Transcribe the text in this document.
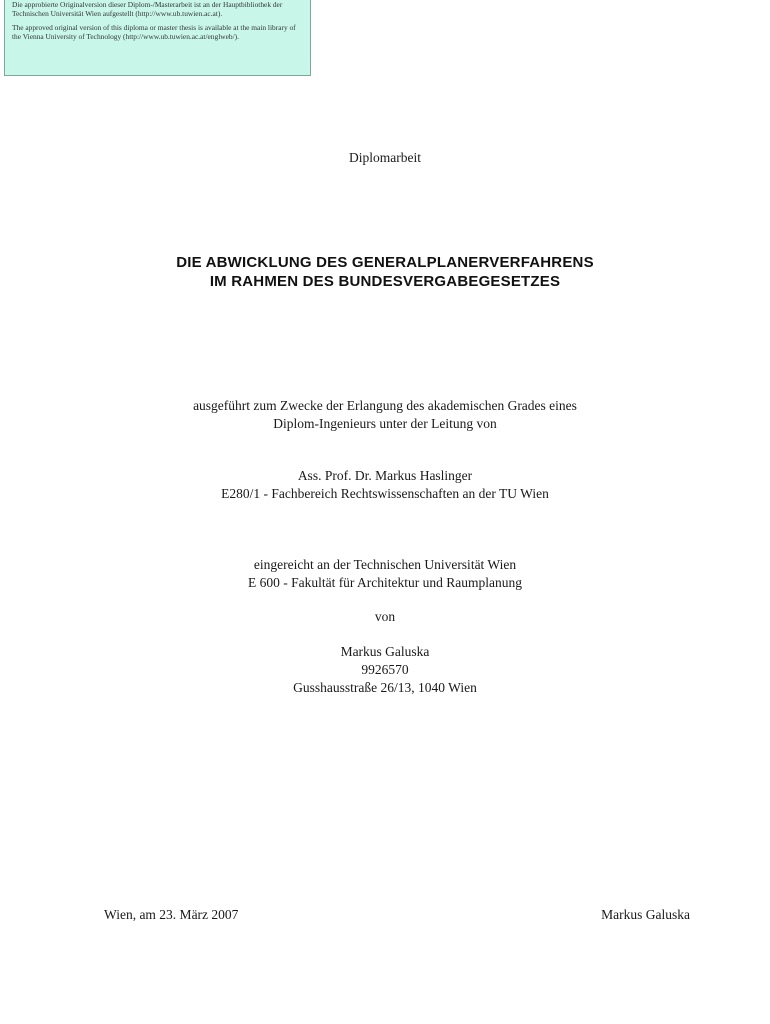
Die approbierte Originalversion dieser Diplom-/Masterarbeit ist an der Hauptbibliothek der Technischen Universität Wien aufgestellt (http://www.ub.tuwien.ac.at).

The approved original version of this diploma or master thesis is available at the main library of the Vienna University of Technology (http://www.ub.tuwien.ac.at/englweb/).

Diplomarbeit
DIE ABWICKLUNG DES GENERALPLANERVERFAHRENS
IM RAHMEN DES BUNDESVERGABEGESETZES
ausgeführt zum Zwecke der Erlangung des akademischen Grades eines
Diplom-Ingenieurs unter der Leitung von
Ass. Prof. Dr. Markus Haslinger
E280/1 - Fachbereich Rechtswissenschaften an der TU Wien
eingereicht an der Technischen Universität Wien
E 600 - Fakultät für Architektur und Raumplanung
von
Markus Galuska
9926570
Gusshausstraße 26/13, 1040 Wien
Wien, am 23. März 2007	Markus Galuska
